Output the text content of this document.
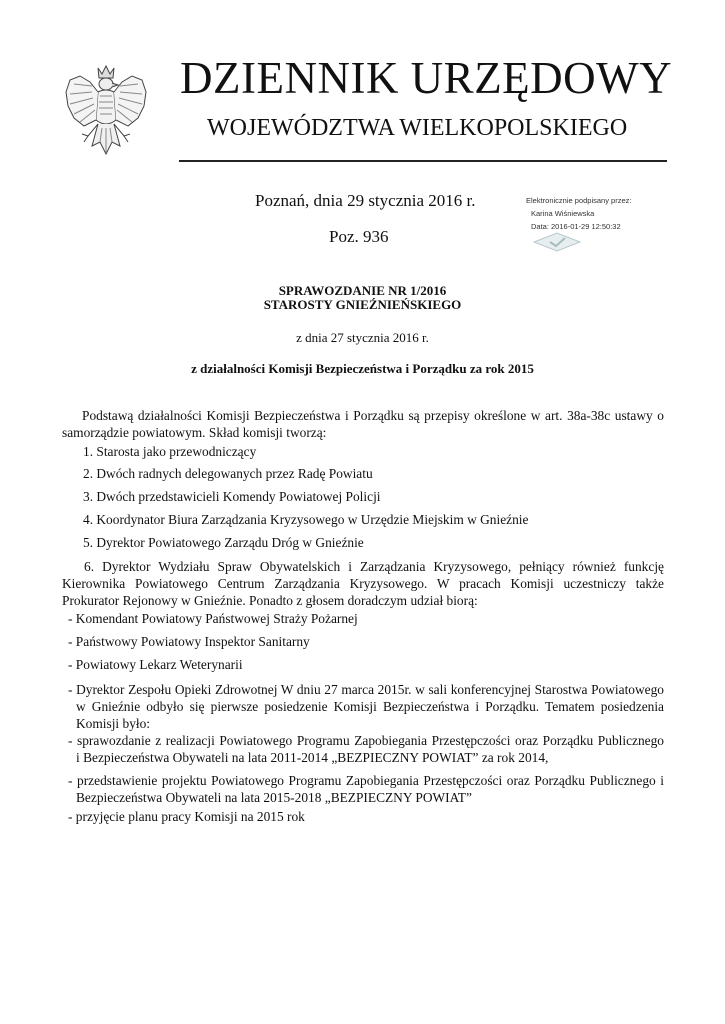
DZIENNIK URZĘDOWY
WOJEWÓDZTWA WIELKOPOLSKIEGO
Poznań, dnia 29 stycznia 2016 r.
Poz. 936
Elektronicznie podpisany przez:
Karina Wiśniewska
Data: 2016-01-29 12:50:32
SPRAWOZDANIE NR 1/2016
STAROSTY GNIEŹNIEŃSKIEGO
z dnia 27 stycznia 2016 r.
z działalności Komisji Bezpieczeństwa i Porządku za rok 2015
Podstawą działalności Komisji Bezpieczeństwa i Porządku są przepisy określone w art. 38a-38c ustawy o
samorządzie powiatowym. Skład komisji tworzą:
1. Starosta jako przewodniczący
2. Dwóch radnych delegowanych przez Radę Powiatu
3. Dwóch przedstawicieli Komendy Powiatowej Policji
4. Koordynator Biura Zarządzania Kryzysowego w Urzędzie Miejskim w Gnieźnie
5. Dyrektor Powiatowego Zarządu Dróg w Gnieźnie
6. Dyrektor Wydziału Spraw Obywatelskich i Zarządzania Kryzysowego, pełniący również funkcję
Kierownika Powiatowego Centrum Zarządzania Kryzysowego. W pracach Komisji uczestniczy także
Prokurator Rejonowy w Gnieźnie. Ponadto z głosem doradczym udział biorą:
- Komendant Powiatowy Państwowej Straży Pożarnej
- Państwowy Powiatowy Inspektor Sanitarny
- Powiatowy Lekarz Weterynarii
- Dyrektor Zespołu Opieki Zdrowotnej W dniu 27 marca 2015r. w sali konferencyjnej Starostwa Powiatowego
w Gnieźnie odbyło się pierwsze posiedzenie Komisji Bezpieczeństwa i Porządku. Tematem posiedzenia
Komisji było:
- sprawozdanie z realizacji Powiatowego Programu Zapobiegania Przestępczości oraz Porządku Publicznego
i Bezpieczeństwa Obywateli na lata 2011-2014 „BEZPIECZNY POWIAT” za rok 2014,
- przedstawienie projektu Powiatowego Programu Zapobiegania Przestępczości oraz Porządku Publicznego i
Bezpieczeństwa Obywateli na lata 2015-2018 „BEZPIECZNY POWIAT”
- przyjęcie planu pracy Komisji na 2015 rok
